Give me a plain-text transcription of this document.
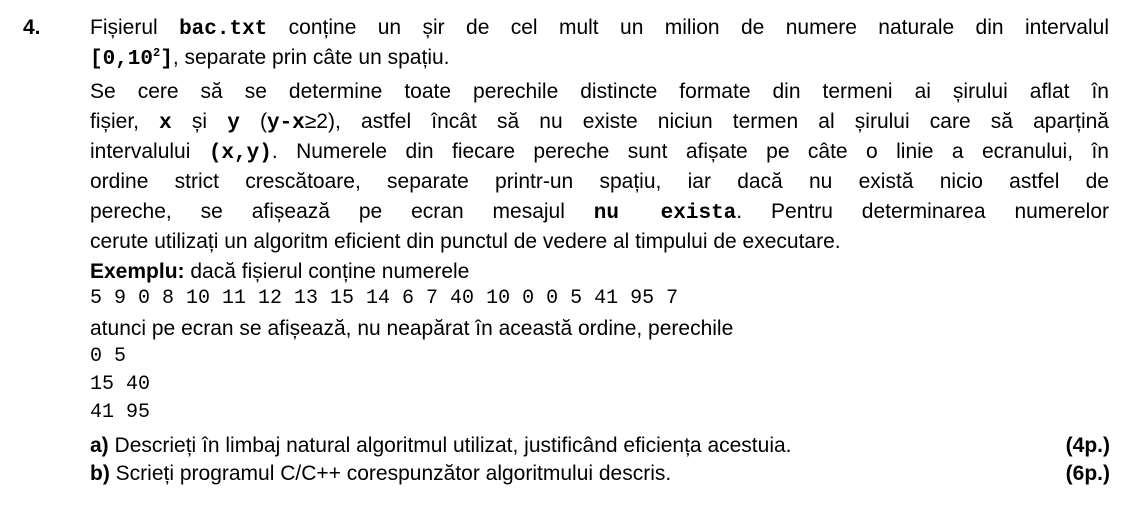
4. Fișierul bac.txt conține un șir de cel mult un milion de numere naturale din intervalul
[0,10$^2$], separate prin câte un spațiu.
Se cere să se determine toate perechile distincte formate din termeni ai șirului aflat în
fișier, x și y (y-x≥2), astfel încât să nu existe niciun termen al șirului care să aparțină
intervalului (x,y). Numerele din fiecare pereche sunt afișate pe câte o linie a ecranului, în
ordine strict crescătoare, separate printr-un spațiu, iar dacă nu există nicio astfel de
pereche, se afișează pe ecran mesajul nu exista. Pentru determinarea numerelor
cerute utilizați un algoritm eficient din punctul de vedere al timpului de executare.
Exemplu: dacă fișierul conține numerele
5 9 0 8 10 11 12 13 15 14 6 7 40 10 0 0 5 41 95 7
atunci pe ecran se afișează, nu neapărat în această ordine, perechile
0 5
15 40
41 95
a) Descrieți în limbaj natural algoritmul utilizat, justificând eficiența acestuia.	(4p.)
b) Scrieți programul C/C++ corespunzător algoritmului descris.	(6p.)
